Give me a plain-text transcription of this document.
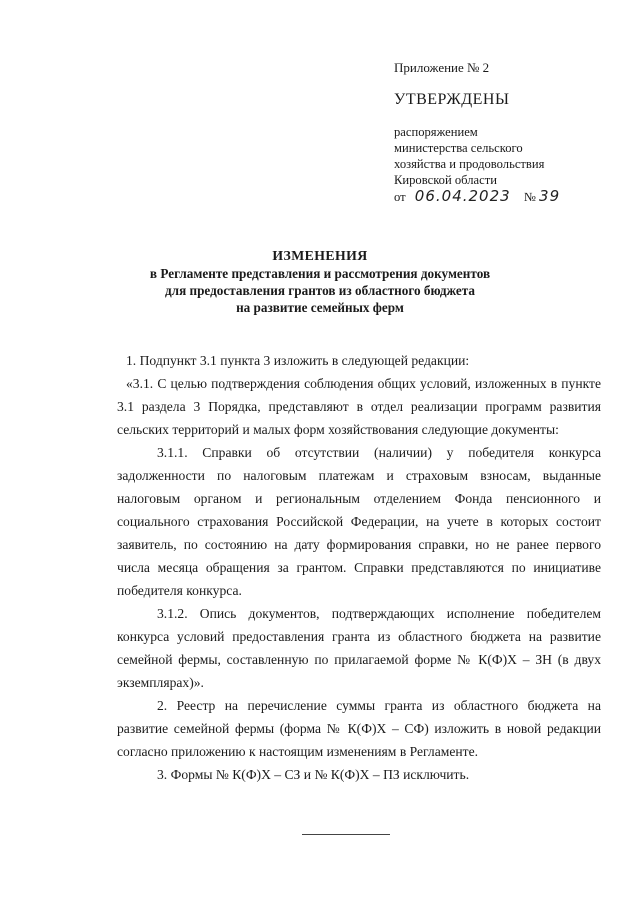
Приложение № 2
УТВЕРЖДЕНЫ
распоряжением
министерства сельского
хозяйства и продовольствия
Кировской области
от 06.04.2023 № 39
ИЗМЕНЕНИЯ
в Регламенте представления и рассмотрения документов
для предоставления грантов из областного бюджета
на развитие семейных ферм

1. Подпункт 3.1 пункта 3 изложить в следующей редакции:

«3.1. С целью подтверждения соблюдения общих условий, изложенных в пункте 3.1 раздела 3 Порядка, представляют в отдел реализации программ развития сельских территорий и малых форм хозяйствования следующие документы:

3.1.1. Справки об отсутствии (наличии) у победителя конкурса задолженности по налоговым платежам и страховым взносам, выданные налоговым органом и региональным отделением Фонда пенсионного и социального страхования Российской Федерации, на учете в которых состоит заявитель, по состоянию на дату формирования справки, но не ранее первого числа месяца обращения за грантом. Справки представляются по инициативе победителя конкурса.

3.1.2. Опись документов, подтверждающих исполнение победителем конкурса условий предоставления гранта из областного бюджета на развитие семейной фермы, составленную по прилагаемой форме № К(Ф)Х – ЗН (в двух экземплярах)».

2. Реестр на перечисление суммы гранта из областного бюджета на развитие семейной фермы (форма № К(Ф)Х – СФ) изложить в новой редакции согласно приложению к настоящим изменениям в Регламенте.

3. Формы № К(Ф)Х – СЗ и № К(Ф)Х – ПЗ исключить.
